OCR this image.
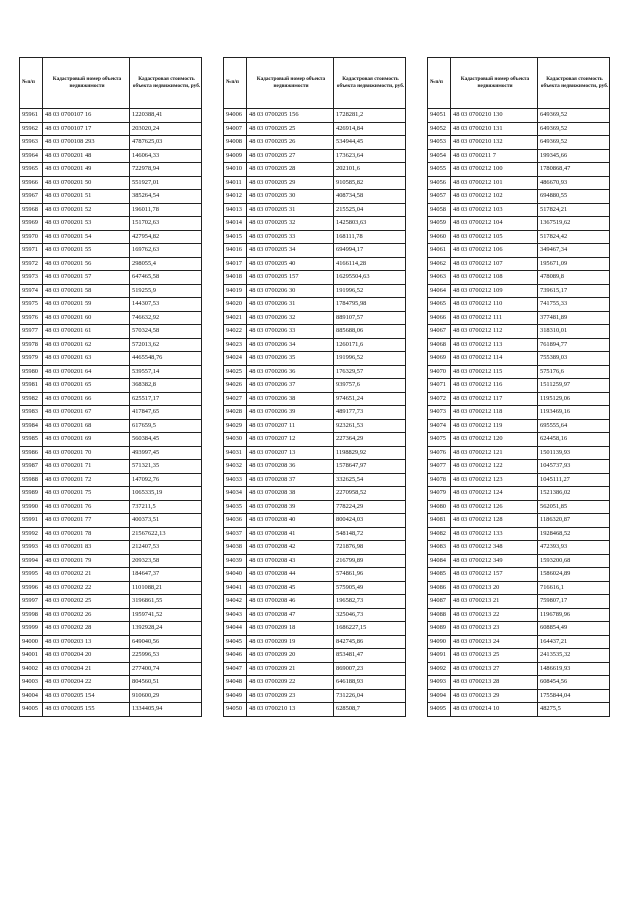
№п/п	Кадастровый номер объекта недвижимости	Кадастровая стоимость объекта недвижимости, руб.
95961	48 03 0700107 16	1220388,41
95962	48 03 0700107 17	203020,24
95963	48 03 0700108 293	4787625,03
95964	48 03 0700201 48	146064,33
95965	48 03 0700201 49	722978,94
95966	48 03 0700201 50	551927,01
95967	48 03 0700201 51	385264,54
95968	48 03 0700201 52	196011,78
95969	48 03 0700201 53	151702,63
95970	48 03 0700201 54	427954,82
95971	48 03 0700201 55	169762,63
95972	48 03 0700201 56	298055,4
95973	48 03 0700201 57	647465,58
95974	48 03 0700201 58	519255,9
95975	48 03 0700201 59	144307,53
95976	48 03 0700201 60	746632,92
95977	48 03 0700201 61	570324,58
95978	48 03 0700201 62	572013,62
95979	48 03 0700201 63	4465548,76
95980	48 03 0700201 64	539557,14
95981	48 03 0700201 65	368382,8
95982	48 03 0700201 66	625517,17
95983	48 03 0700201 67	417847,65
95984	48 03 0700201 68	617659,5
95985	48 03 0700201 69	560384,45
95986	48 03 0700201 70	493997,45
95987	48 03 0700201 71	571321,35
95988	48 03 0700201 72	147092,76
95989	48 03 0700201 75	1065335,19
95990	48 03 0700201 76	737211,5
95991	48 03 0700201 77	400373,51
95992	48 03 0700201 78	21567622,13
95993	48 03 0700201 83	212407,53
95994	48 03 0700201 79	209323,58
95995	48 03 0700202 21	184647,37
95996	48 03 0700202 22	1101088,21
95997	48 03 0700202 25	3196861,55
95998	48 03 0700202 26	1959741,52
95999	48 03 0700202 28	1392928,24
94000	48 03 0700203 13	649040,56
94001	48 03 0700204 20	225996,53
94002	48 03 0700204 21	277400,74
94003	48 03 0700204 22	804560,51
94004	48 03 0700205 154	910600,29
94005	48 03 0700205 155	1334405,94
№п/п	Кадастровый номер объекта недвижимости	Кадастровая стоимость объекта недвижимости, руб.
94006	48 03 0700205 156	1728281,2
94007	48 03 0700205 25	426914,84
94008	48 03 0700205 26	534944,45
94009	48 03 0700205 27	173623,64
94010	48 03 0700205 28	202101,6
94011	48 03 0700205 29	910585,82
94012	48 03 0700205 30	408734,58
94013	48 03 0700205 31	215525,04
94014	48 03 0700205 32	1425803,63
94015	48 03 0700205 33	168111,78
94016	48 03 0700205 34	694994,17
94017	48 03 0700205 40	4166114,28
94018	48 03 0700205 157	16295504,63
94019	48 03 0700206 30	191996,52
94020	48 03 0700206 31	1784795,98
94021	48 03 0700206 32	889107,57
94022	48 03 0700206 33	885688,06
94023	48 03 0700206 34	1260171,6
94024	48 03 0700206 35	191996,52
94025	48 03 0700206 36	176329,57
94026	48 03 0700206 37	939757,6
94027	48 03 0700206 38	974651,24
94028	48 03 0700206 39	489177,73
94029	48 03 0700207 11	923261,53
94030	48 03 0700207 12	227364,29
94031	48 03 0700207 13	1198829,92
94032	48 03 0700208 36	1578647,97
94033	48 03 0700208 37	332625,54
94034	48 03 0700208 38	2270958,52
94035	48 03 0700208 39	778224,29
94036	48 03 0700208 40	800424,03
94037	48 03 0700208 41	548148,72
94038	48 03 0700208 42	721876,98
94039	48 03 0700208 43	216799,89
94040	48 03 0700208 44	574861,96
94041	48 03 0700208 45	575905,49
94042	48 03 0700208 46	196582,73
94043	48 03 0700208 47	325046,73
94044	48 03 0700209 18	1686227,15
94045	48 03 0700209 19	842745,86
94046	48 03 0700209 20	853481,47
94047	48 03 0700209 21	869007,23
94048	48 03 0700209 22	646188,93
94049	48 03 0700209 23	731226,04
94050	48 03 0700210 13	628508,7
№п/п	Кадастровый номер объекта недвижимости	Кадастровая стоимость объекта недвижимости, руб.
94051	48 03 0700210 130	649369,52
94052	48 03 0700210 131	649369,52
94053	48 03 0700210 132	649369,52
94054	48 03 0700211 7	199345,66
94055	48 03 0700212 100	1780868,47
94056	48 03 0700212 101	486670,93
94057	48 03 0700212 102	694880,55
94058	48 03 0700212 103	517824,21
94059	48 03 0700212 104	1367519,62
94060	48 03 0700212 105	517824,42
94061	48 03 0700212 106	349467,34
94062	48 03 0700212 107	195671,09
94063	48 03 0700212 108	478089,8
94064	48 03 0700212 109	739615,17
94065	48 03 0700212 110	741755,33
94066	48 03 0700212 111	377481,89
94067	48 03 0700212 112	318310,01
94068	48 03 0700212 113	761894,77
94069	48 03 0700212 114	755389,03
94070	48 03 0700212 115	575176,6
94071	48 03 0700212 116	1511259,97
94072	48 03 0700212 117	1195129,06
94073	48 03 0700212 118	1193469,16
94074	48 03 0700212 119	695555,64
94075	48 03 0700212 120	624458,16
94076	48 03 0700212 121	1501139,93
94077	48 03 0700212 122	1045737,93
94078	48 03 0700212 123	1045111,27
94079	48 03 0700212 124	1521386,02
94080	48 03 0700212 126	562051,85
94081	48 03 0700212 128	1186320,87
94082	48 03 0700212 133	1928468,52
94083	48 03 0700212 348	472393,93
94084	48 03 0700212 349	1593200,68
94085	48 03 0700212 157	1586024,89
94086	48 03 0700213 20	716616,1
94087	48 03 0700213 21	759807,17
94088	48 03 0700213 22	1196789,96
94089	48 03 0700213 23	608854,49
94090	48 03 0700213 24	164437,21
94091	48 03 0700213 25	2413535,32
94092	48 03 0700213 27	1486619,93
94093	48 03 0700213 28	608454,56
94094	48 03 0700213 29	1755844,04
94095	48 03 0700214 10	48275,5
